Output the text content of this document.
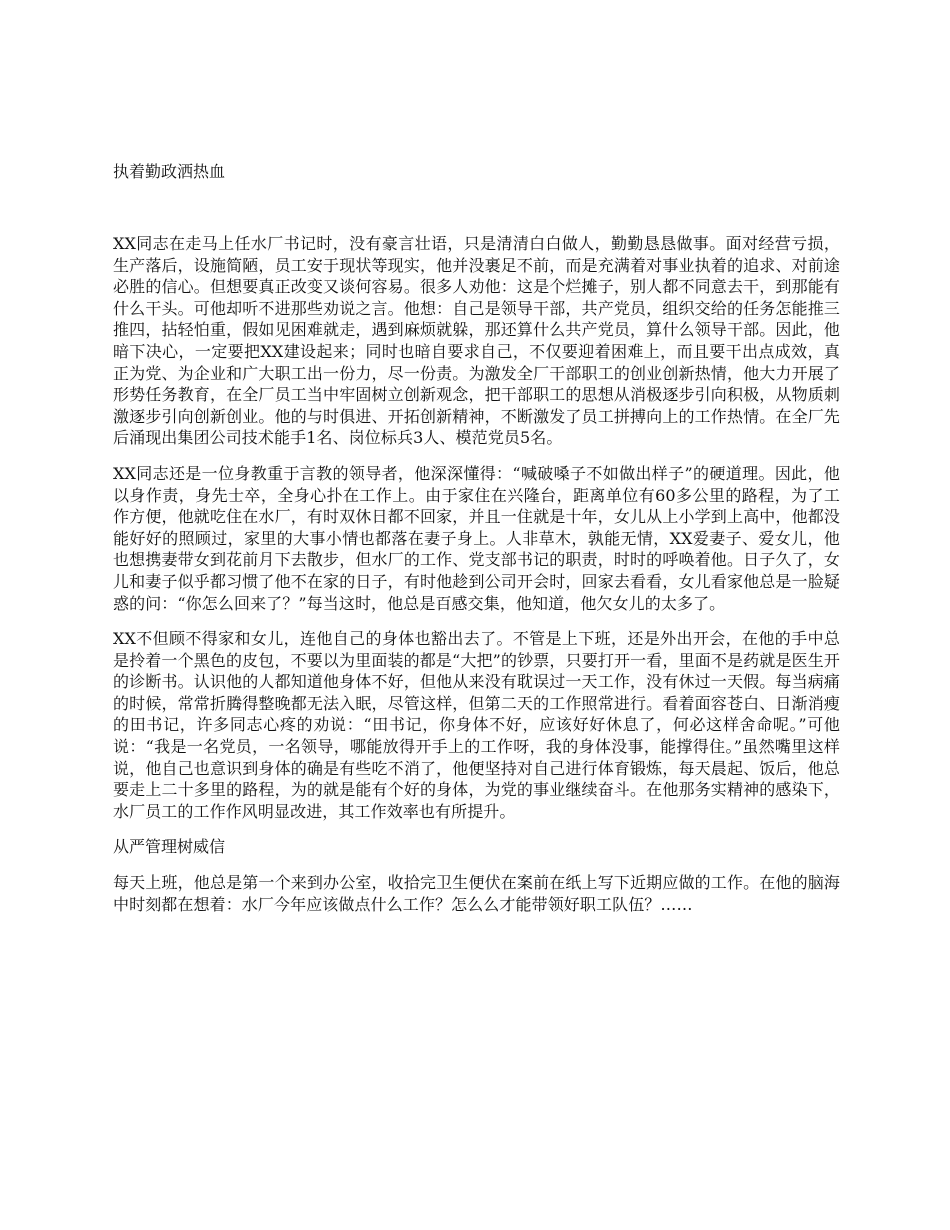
执着勤政洒热血

XX同志在走马上任水厂书记时，没有豪言壮语，只是清清白白做人，勤勤恳恳做事。面对经营亏损，生产落后，设施简陋，员工安于现状等现实，他并没裹足不前，而是充满着对事业执着的追求、对前途必胜的信心。但想要真正改变又谈何容易。很多人劝他：这是个烂摊子，别人都不同意去干，到那能有什么干头。可他却听不进那些劝说之言。他想：自己是领导干部，共产党员，组织交给的任务怎能推三推四，拈轻怕重，假如见困难就走，遇到麻烦就躲，那还算什么共产党员，算什么领导干部。因此，他暗下决心，一定要把XX建设起来；同时也暗自要求自己，不仅要迎着困难上，而且要干出点成效，真正为党、为企业和广大职工出一份力，尽一份责。为激发全厂干部职工的创业创新热情，他大力开展了形势任务教育，在全厂员工当中牢固树立创新观念，把干部职工的思想从消极逐步引向积极，从物质刺激逐步引向创新创业。他的与时俱进、开拓创新精神，不断激发了员工拼搏向上的工作热情。在全厂先后涌现出集团公司技术能手1名、岗位标兵3人、模范党员5名。

XX同志还是一位身教重于言教的领导者，他深深懂得：“喊破嗓子不如做出样子”的硬道理。因此，他以身作责，身先士卒，全身心扑在工作上。由于家住在兴隆台，距离单位有60多公里的路程，为了工作方便，他就吃住在水厂，有时双休日都不回家，并且一住就是十年，女儿从上小学到上高中，他都没能好好的照顾过，家里的大事小情也都落在妻子身上。人非草木，孰能无情，XX爱妻子、爱女儿，他也想携妻带女到花前月下去散步，但水厂的工作、党支部书记的职责，时时的呼唤着他。日子久了，女儿和妻子似乎都习惯了他不在家的日子，有时他趁到公司开会时，回家去看看，女儿看家他总是一脸疑惑的问：“你怎么回来了？”每当这时，他总是百感交集，他知道，他欠女儿的太多了。

XX不但顾不得家和女儿，连他自己的身体也豁出去了。不管是上下班，还是外出开会，在他的手中总是拎着一个黑色的皮包，不要以为里面装的都是“大把”的钞票，只要打开一看，里面不是药就是医生开的诊断书。认识他的人都知道他身体不好，但他从来没有耽误过一天工作，没有休过一天假。每当病痛的时候，常常折腾得整晚都无法入眠，尽管这样，但第二天的工作照常进行。看着面容苍白、日渐消瘦的田书记，许多同志心疼的劝说：“田书记，你身体不好，应该好好休息了，何必这样舍命呢。”可他说：“我是一名党员，一名领导，哪能放得开手上的工作呀，我的身体没事，能撑得住。”虽然嘴里这样说，他自己也意识到身体的确是有些吃不消了，他便坚持对自己进行体育锻炼，每天晨起、饭后，他总要走上二十多里的路程，为的就是能有个好的身体，为党的事业继续奋斗。在他那务实精神的感染下，水厂员工的工作作风明显改进，其工作效率也有所提升。

从严管理树威信

每天上班，他总是第一个来到办公室，收拾完卫生便伏在案前在纸上写下近期应做的工作。在他的脑海中时刻都在想着：水厂今年应该做点什么工作？怎么么才能带领好职工队伍？……
